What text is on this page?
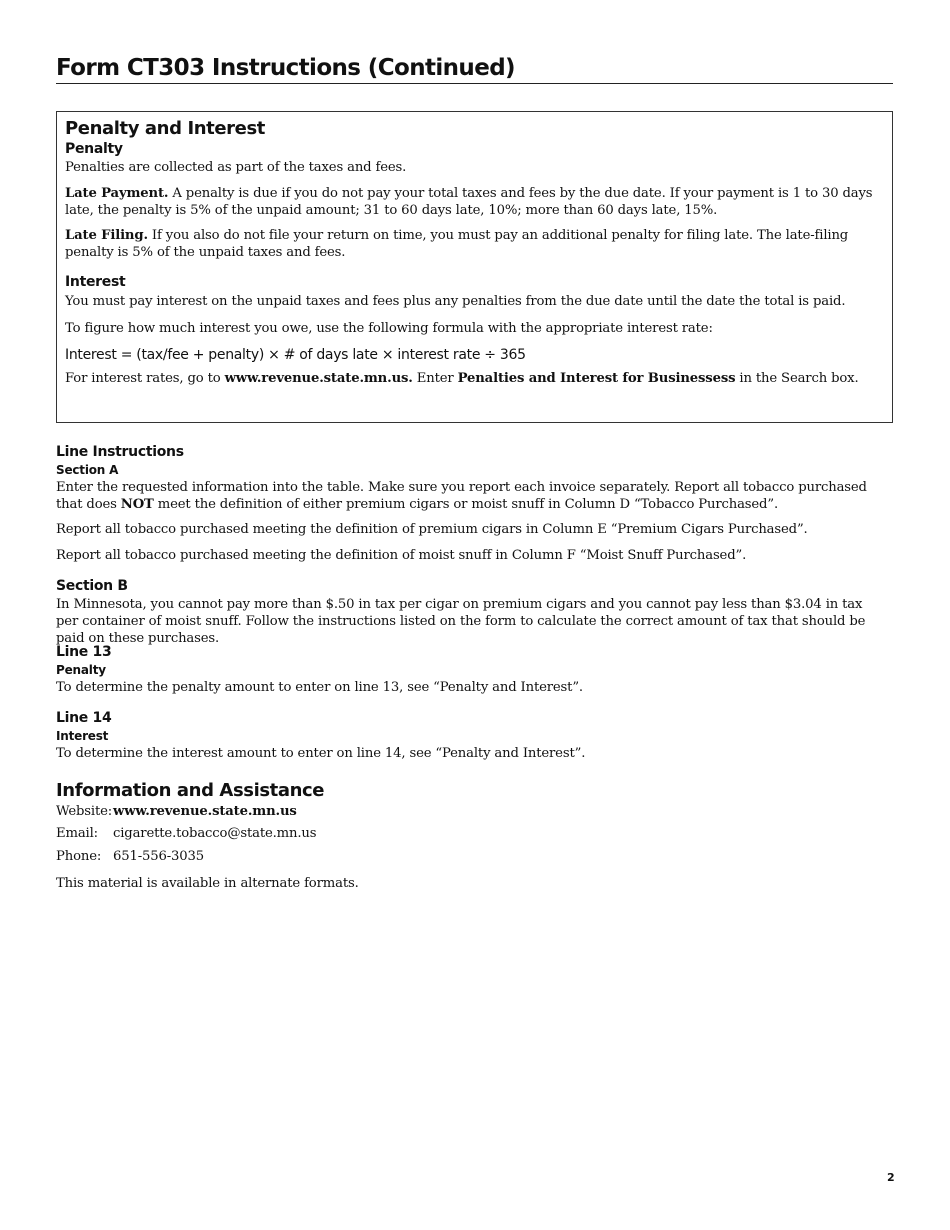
Form CT303 Instructions (Continued)
Penalty and Interest
Penalty

Penalties are collected as part of the taxes and fees.

Late Payment. A penalty is due if you do not pay your total taxes and fees by the due date. If your payment is 1 to 30 days late, the penalty is 5% of the unpaid amount; 31 to 60 days late, 10%; more than 60 days late, 15%.

Late Filing. If you also do not file your return on time, you must pay an additional penalty for filing late. The late-filing penalty is 5% of the unpaid taxes and fees.

Interest

You must pay interest on the unpaid taxes and fees plus any penalties from the due date until the date the total is paid.

To figure how much interest you owe, use the following formula with the appropriate interest rate:

Interest = (tax/fee + penalty) × # of days late × interest rate ÷ 365

For interest rates, go to www.revenue.state.mn.us. Enter Penalties and Interest for Businessess in the Search box.

Line Instructions
Section A

Enter the requested information into the table. Make sure you report each invoice separately. Report all tobacco purchased that does NOT meet the definition of either premium cigars or moist snuff in Column D “Tobacco Purchased”.

Report all tobacco purchased meeting the definition of premium cigars in Column E “Premium Cigars Purchased”.

Report all tobacco purchased meeting the definition of moist snuff in Column F “Moist Snuff Purchased”.

Section B

In Minnesota, you cannot pay more than $.50 in tax per cigar on premium cigars and you cannot pay less than $3.04 in tax per container of moist snuff. Follow the instructions listed on the form to calculate the correct amount of tax that should be paid on these purchases.

Line 13
Penalty

To determine the penalty amount to enter on line 13, see “Penalty and Interest”.

Line 14
Interest

To determine the interest amount to enter on line 14, see “Penalty and Interest”.

Information and Assistance

Website:www.revenue.state.mn.us

Email: cigarette.tobacco@state.mn.us

Phone: 651-556-3035

This material is available in alternate formats.

2
